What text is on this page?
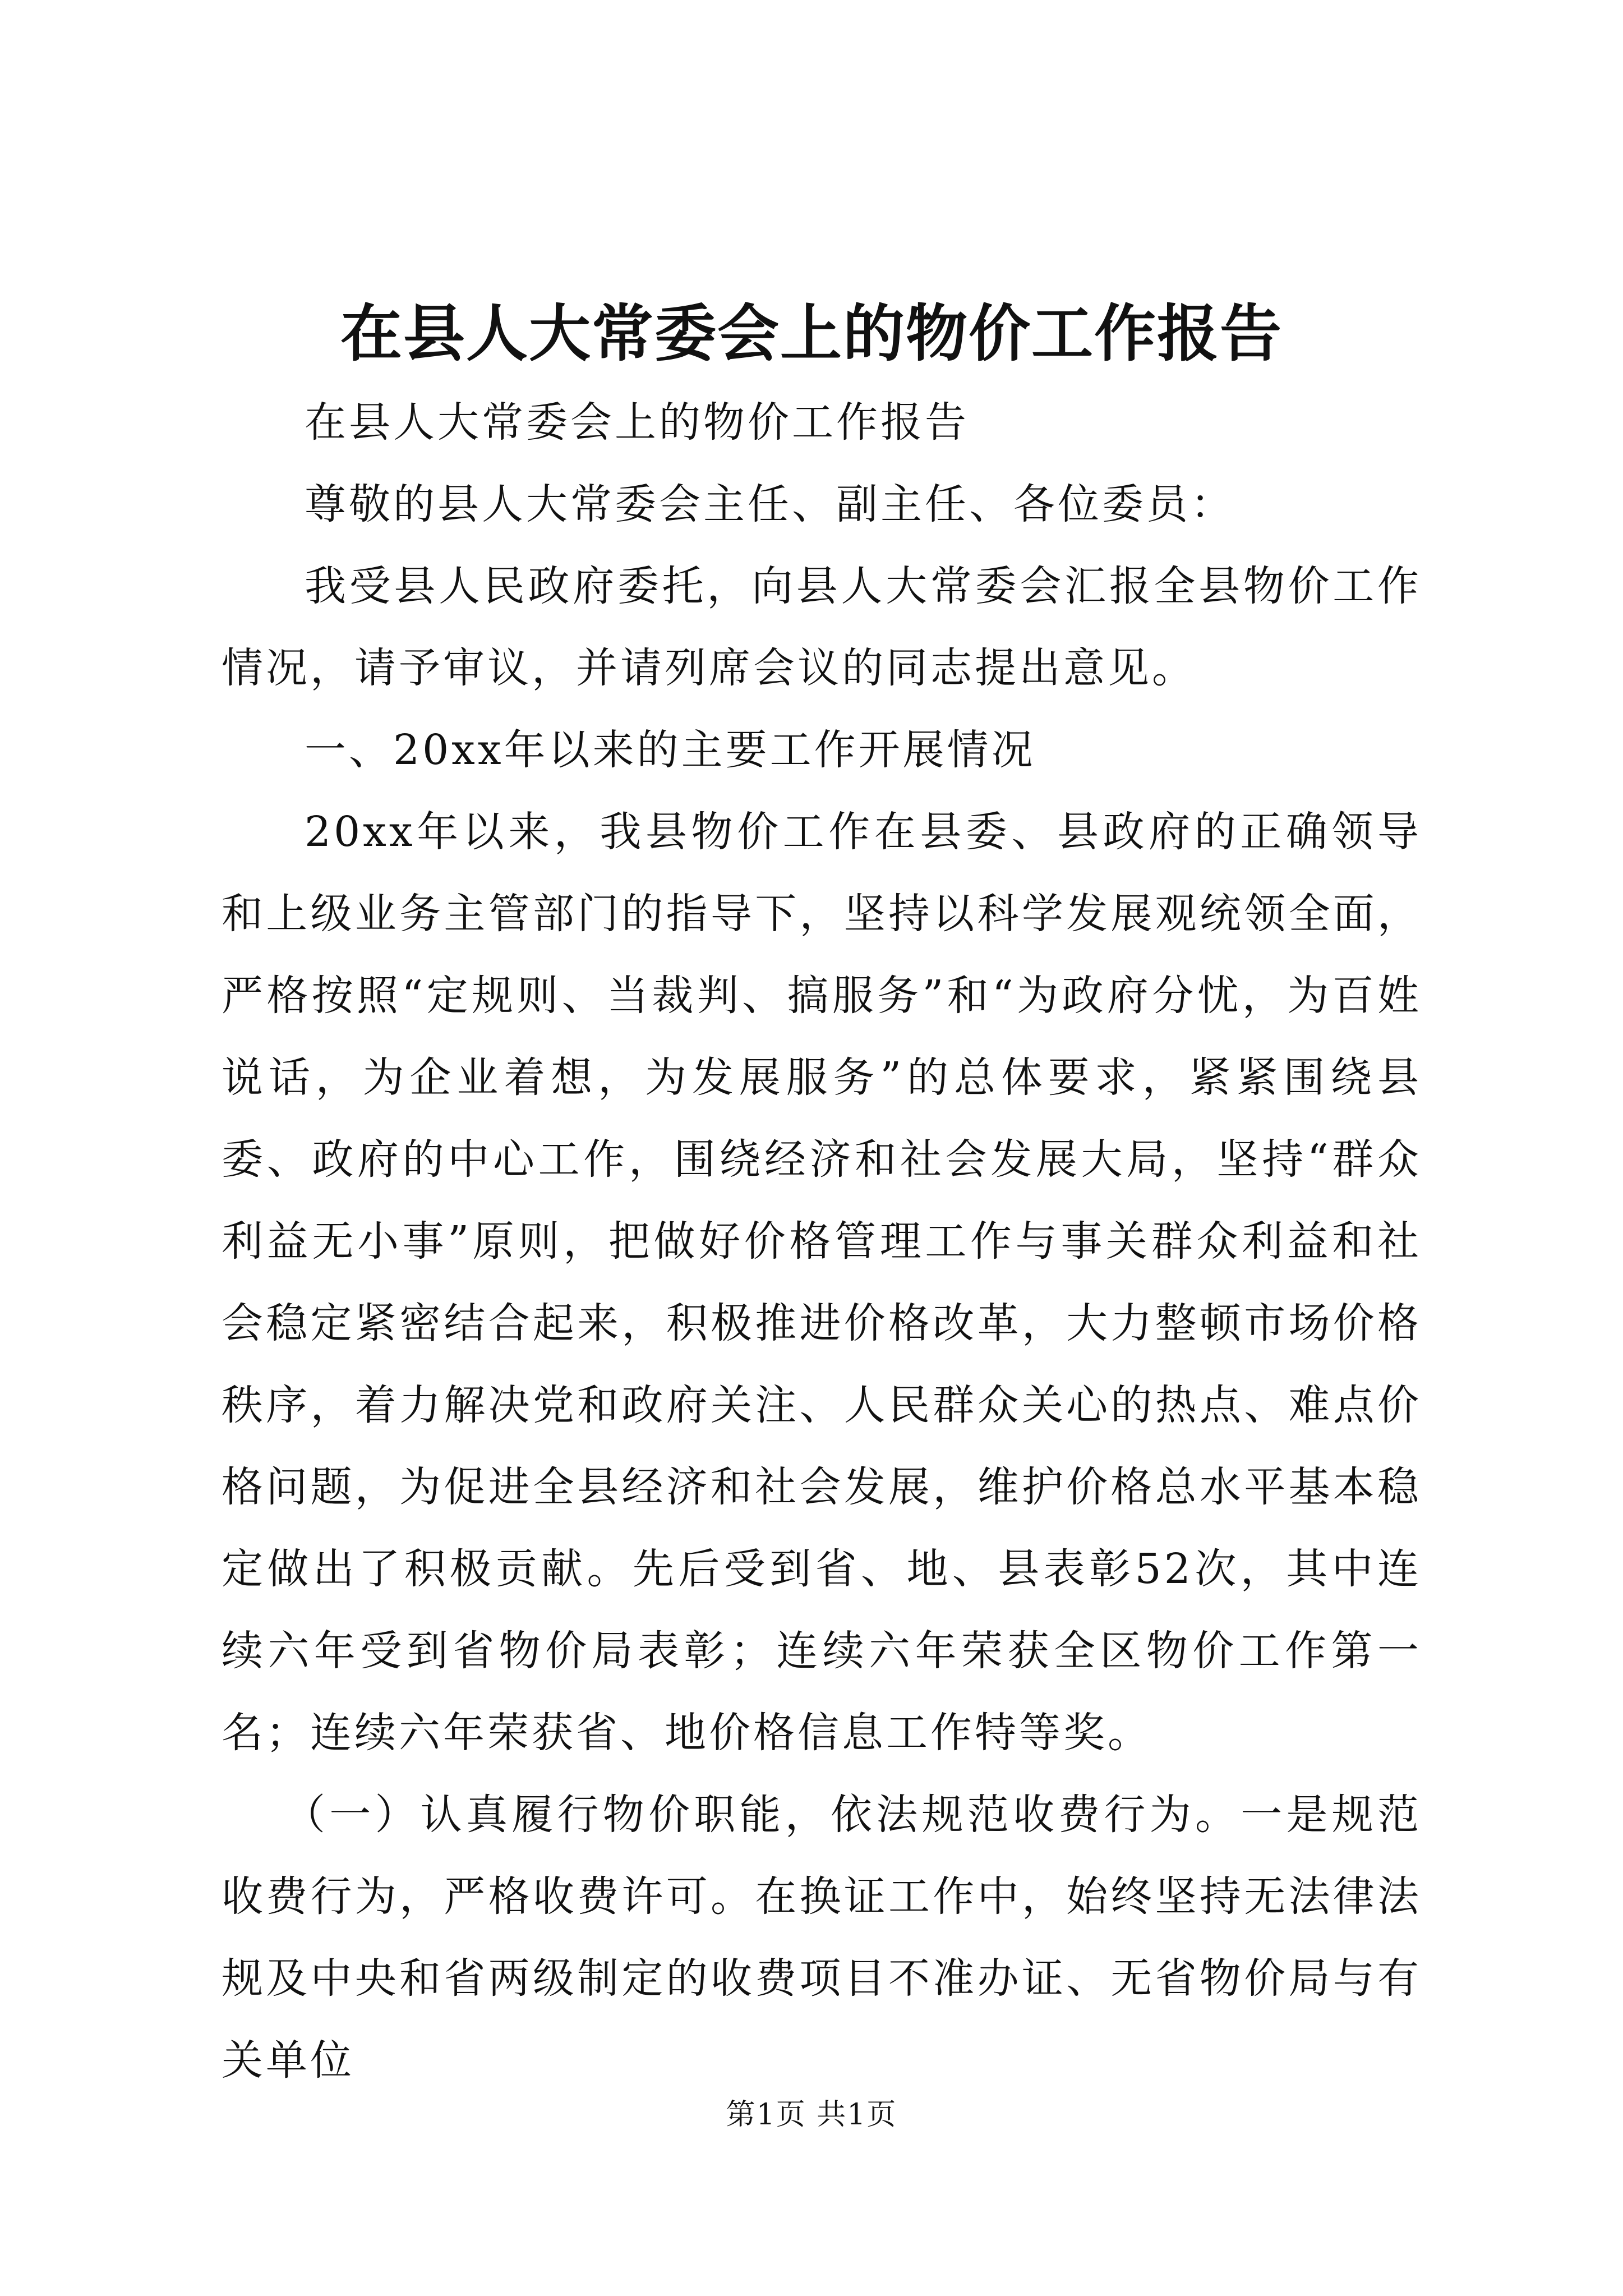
在县人大常委会上的物价工作报告

在县人大常委会上的物价工作报告

尊敬的县人大常委会主任、副主任、各位委员：

我受县人民政府委托，向县人大常委会汇报全县物价工作情况，请予审议，并请列席会议的同志提出意见。

一、20xx年以来的主要工作开展情况

20xx年以来，我县物价工作在县委、县政府的正确领导和上级业务主管部门的指导下，坚持以科学发展观统领全面，严格按照“定规则、当裁判、搞服务”和“为政府分忧，为百姓说话，为企业着想，为发展服务”的总体要求，紧紧围绕县委、政府的中心工作，围绕经济和社会发展大局，坚持“群众利益无小事”原则，把做好价格管理工作与事关群众利益和社会稳定紧密结合起来，积极推进价格改革，大力整顿市场价格秩序，着力解决党和政府关注、人民群众关心的热点、难点价格问题，为促进全县经济和社会发展，维护价格总水平基本稳定做出了积极贡献。先后受到省、地、县表彰52次，其中连续六年受到省物价局表彰；连续六年荣获全区物价工作第一名；连续六年荣获省、地价格信息工作特等奖。

（一）认真履行物价职能，依法规范收费行为。一是规范收费行为，严格收费许可。在换证工作中，始终坚持无法律法规及中央和省两级制定的收费项目不准办证、无省物价局与有关单位

第1页 共1页
